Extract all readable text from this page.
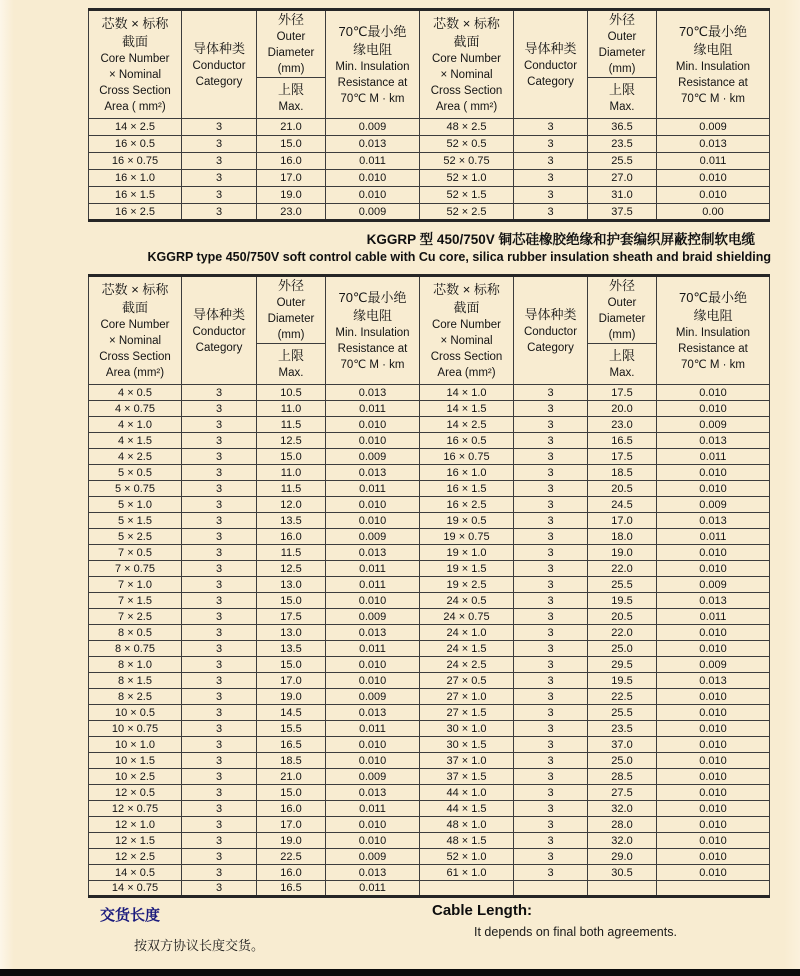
芯数 × 标称
截面
Core Number
× Nominal
Cross Section
Area ( mm²)

导体种类
Conductor
Category

外径
Outer
Diameter
(mm)
上限
Max.

70℃最小绝
缘电阻
Min. Insulation
Resistance at
70℃ M · km

芯数 × 标称
截面
Core Number
× Nominal
Cross Section
Area ( mm²)

导体种类
Conductor
Category

外径
Outer
Diameter
(mm)
上限
Max.

70℃最小绝
缘电阻
Min. Insulation
Resistance at
70℃ M · km

14 × 2.5	3	21.0	0.009	48 × 2.5	3	36.5	0.009
16 × 0.5	3	15.0	0.013	52 × 0.5	3	23.5	0.013
16 × 0.75	3	16.0	0.011	52 × 0.75	3	25.5	0.011
16 × 1.0	3	17.0	0.010	52 × 1.0	3	27.0	0.010
16 × 1.5	3	19.0	0.010	52 × 1.5	3	31.0	0.010
16 × 2.5	3	23.0	0.009	52 × 2.5	3	37.5	0.00
KGGRP 型 450/750V 铜芯硅橡胶绝缘和护套编织屏蔽控制软电缆
KGGRP type 450/750V soft control cable with Cu core, silica rubber insulation sheath and braid shielding
芯数 × 标称
截面
Core Number
× Nominal
Cross Section
Area (mm²)

导体种类
Conductor
Category

外径
Outer
Diameter
(mm)
上限
Max.

70℃最小绝
缘电阻
Min. Insulation
Resistance at
70℃ M · km

芯数 × 标称
截面
Core Number
× Nominal
Cross Section
Area (mm²)

导体种类
Conductor
Category

外径
Outer
Diameter
(mm)
上限
Max.

70℃最小绝
缘电阻
Min. Insulation
Resistance at
70℃ M · km

4 × 0.5	3	10.5	0.013	14 × 1.0	3	17.5	0.010
4 × 0.75	3	11.0	0.011	14 × 1.5	3	20.0	0.010
4 × 1.0	3	11.5	0.010	14 × 2.5	3	23.0	0.009
4 × 1.5	3	12.5	0.010	16 × 0.5	3	16.5	0.013
4 × 2.5	3	15.0	0.009	16 × 0.75	3	17.5	0.011
5 × 0.5	3	11.0	0.013	16 × 1.0	3	18.5	0.010
5 × 0.75	3	11.5	0.011	16 × 1.5	3	20.5	0.010
5 × 1.0	3	12.0	0.010	16 × 2.5	3	24.5	0.009
5 × 1.5	3	13.5	0.010	19 × 0.5	3	17.0	0.013
5 × 2.5	3	16.0	0.009	19 × 0.75	3	18.0	0.011
7 × 0.5	3	11.5	0.013	19 × 1.0	3	19.0	0.010
7 × 0.75	3	12.5	0.011	19 × 1.5	3	22.0	0.010
7 × 1.0	3	13.0	0.011	19 × 2.5	3	25.5	0.009
7 × 1.5	3	15.0	0.010	24 × 0.5	3	19.5	0.013
7 × 2.5	3	17.5	0.009	24 × 0.75	3	20.5	0.011
8 × 0.5	3	13.0	0.013	24 × 1.0	3	22.0	0.010
8 × 0.75	3	13.5	0.011	24 × 1.5	3	25.0	0.010
8 × 1.0	3	15.0	0.010	24 × 2.5	3	29.5	0.009
8 × 1.5	3	17.0	0.010	27 × 0.5	3	19.5	0.013
8 × 2.5	3	19.0	0.009	27 × 1.0	3	22.5	0.010
10 × 0.5	3	14.5	0.013	27 × 1.5	3	25.5	0.010
10 × 0.75	3	15.5	0.011	30 × 1.0	3	23.5	0.010
10 × 1.0	3	16.5	0.010	30 × 1.5	3	37.0	0.010
10 × 1.5	3	18.5	0.010	37 × 1.0	3	25.0	0.010
10 × 2.5	3	21.0	0.009	37 × 1.5	3	28.5	0.010
12 × 0.5	3	15.0	0.013	44 × 1.0	3	27.5	0.010
12 × 0.75	3	16.0	0.011	44 × 1.5	3	32.0	0.010
12 × 1.0	3	17.0	0.010	48 × 1.0	3	28.0	0.010
12 × 1.5	3	19.0	0.010	48 × 1.5	3	32.0	0.010
12 × 2.5	3	22.5	0.009	52 × 1.0	3	29.0	0.010
14 × 0.5	3	16.0	0.013	61 × 1.0	3	30.5	0.010
14 × 0.75	3	16.5	0.011				
交货长度	Cable Length:
It depends on final both agreements.
按双方协议长度交货。
